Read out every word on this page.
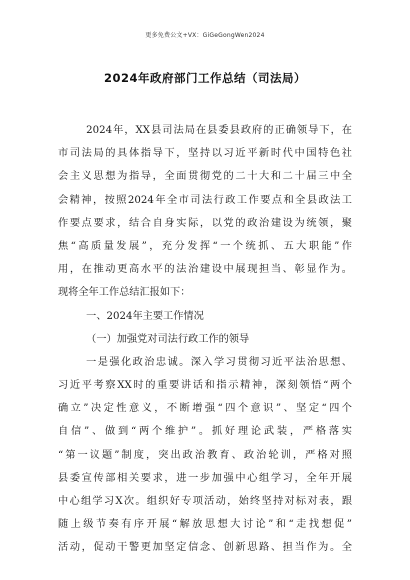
更多免费公文+VX：GiGeGongWen2024
2024年政府部门工作总结（司法局）
2024年，XX县司法局在县委县政府的正确领导下，在
市司法局的具体指导下，坚持以习近平新时代中国特色社
会主义思想为指导，全面贯彻党的二十大和二十届三中全
会精神，按照2024年全市司法行政工作要点和全县政法工
作要点要求，结合自身实际，以党的政治建设为统领，聚
焦“高质量发展”，充分发挥“一个统抓、五大职能”作
用，在推动更高水平的法治建设中展现担当、彰显作为。
现将全年工作总结汇报如下：
一、2024年主要工作情况
（一）加强党对司法行政工作的领导
一是强化政治忠诚。深入学习贯彻习近平法治思想、
习近平考察XX时的重要讲话和指示精神，深刻领悟“两个
确立”决定性意义，不断增强“四个意识”、坚定“四个
自信”、做到“两个维护”。抓好理论武装，严格落实
“第一议题”制度，突出政治教育、政治轮训，严格对照
县委宣传部相关要求，进一步加强中心组学习，全年开展
中心组学习X次。组织好专项活动，始终坚持对标对表，跟
随上级节奏有序开展“解放思想大讨论”和“走找想促”
活动，促动干警更加坚定信念、创新思路、担当作为。全
